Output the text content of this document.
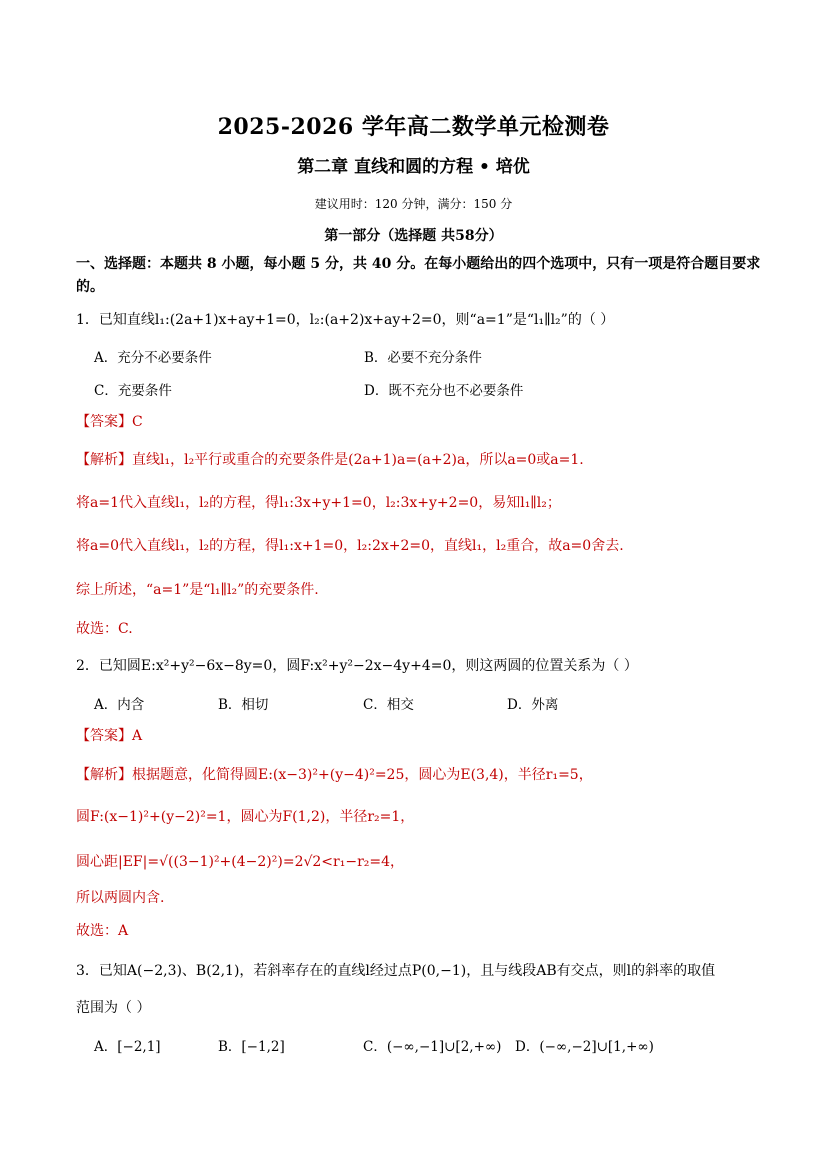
2025-2026 学年高二数学单元检测卷
第二章 直线和圆的方程 • 培优
建议用时：120 分钟，满分：150 分
第一部分（选择题 共58分）
一、选择题：本题共 8 小题，每小题 5 分，共 40 分。在每小题给出的四个选项中，只有一项是符合题目要求的。
1．已知直线l₁:(2a+1)x+ay+1=0，l₂:(a+2)x+ay+2=0，则“a=1”是“l₁∥l₂”的（ ）
A．充分不必要条件	B．必要不充分条件
C．充要条件	D．既不充分也不必要条件
【答案】C
【解析】直线l₁，l₂平行或重合的充要条件是(2a+1)a=(a+2)a，所以a=0或a=1.
将a=1代入直线l₁，l₂的方程，得l₁:3x+y+1=0，l₂:3x+y+2=0，易知l₁∥l₂；
将a=0代入直线l₁，l₂的方程，得l₁:x+1=0，l₂:2x+2=0，直线l₁，l₂重合，故a=0舍去.
综上所述，“a=1”是“l₁∥l₂”的充要条件.
故选：C.
2．已知圆E:x²+y²−6x−8y=0，圆F:x²+y²−2x−4y+4=0，则这两圆的位置关系为（ ）
A．内含	B．相切	C．相交	D．外离
【答案】A
【解析】根据题意，化简得圆E:(x−3)²+(y−4)²=25，圆心为E(3,4)，半径r₁=5，
圆F:(x−1)²+(y−2)²=1，圆心为F(1,2)，半径r₂=1，
圆心距|EF|=√((3−1)²+(4−2)²)=2√2<r₁−r₂=4，
所以两圆内含.
故选：A
3．已知A(−2,3)、B(2,1)，若斜率存在的直线l经过点P(0,−1)，且与线段AB有交点，则l的斜率的取值
范围为（ ）
A．[−2,1]	B．[−1,2]	C．(−∞,−1]∪[2,+∞) D．(−∞,−2]∪[1,+∞)
